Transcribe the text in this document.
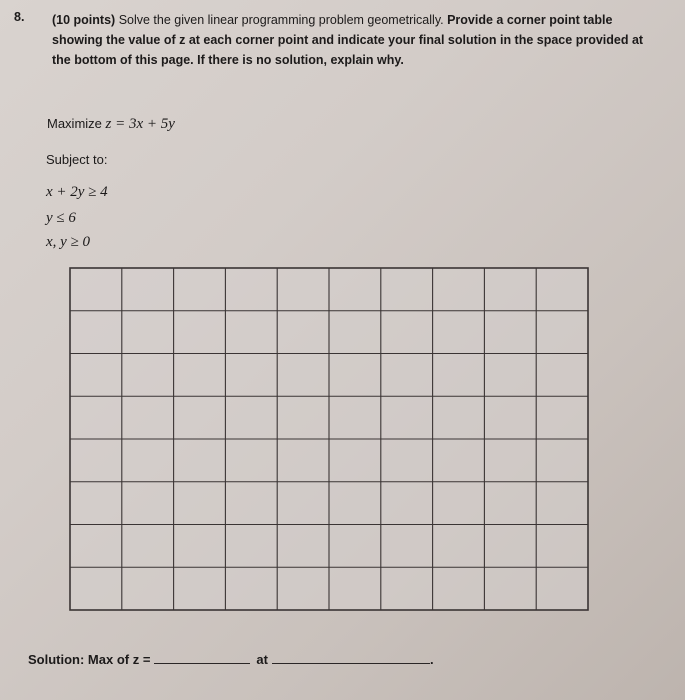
8. (10 points) Solve the given linear programming problem geometrically. Provide a corner point table showing the value of z at each corner point and indicate your final solution in the space provided at the bottom of this page. If there is no solution, explain why.
Maximize z = 3x + 5y
Subject to:
x + 2y ≥ 4
y ≤ 6
x, y ≥ 0
Solution: Max of z =	at	.
